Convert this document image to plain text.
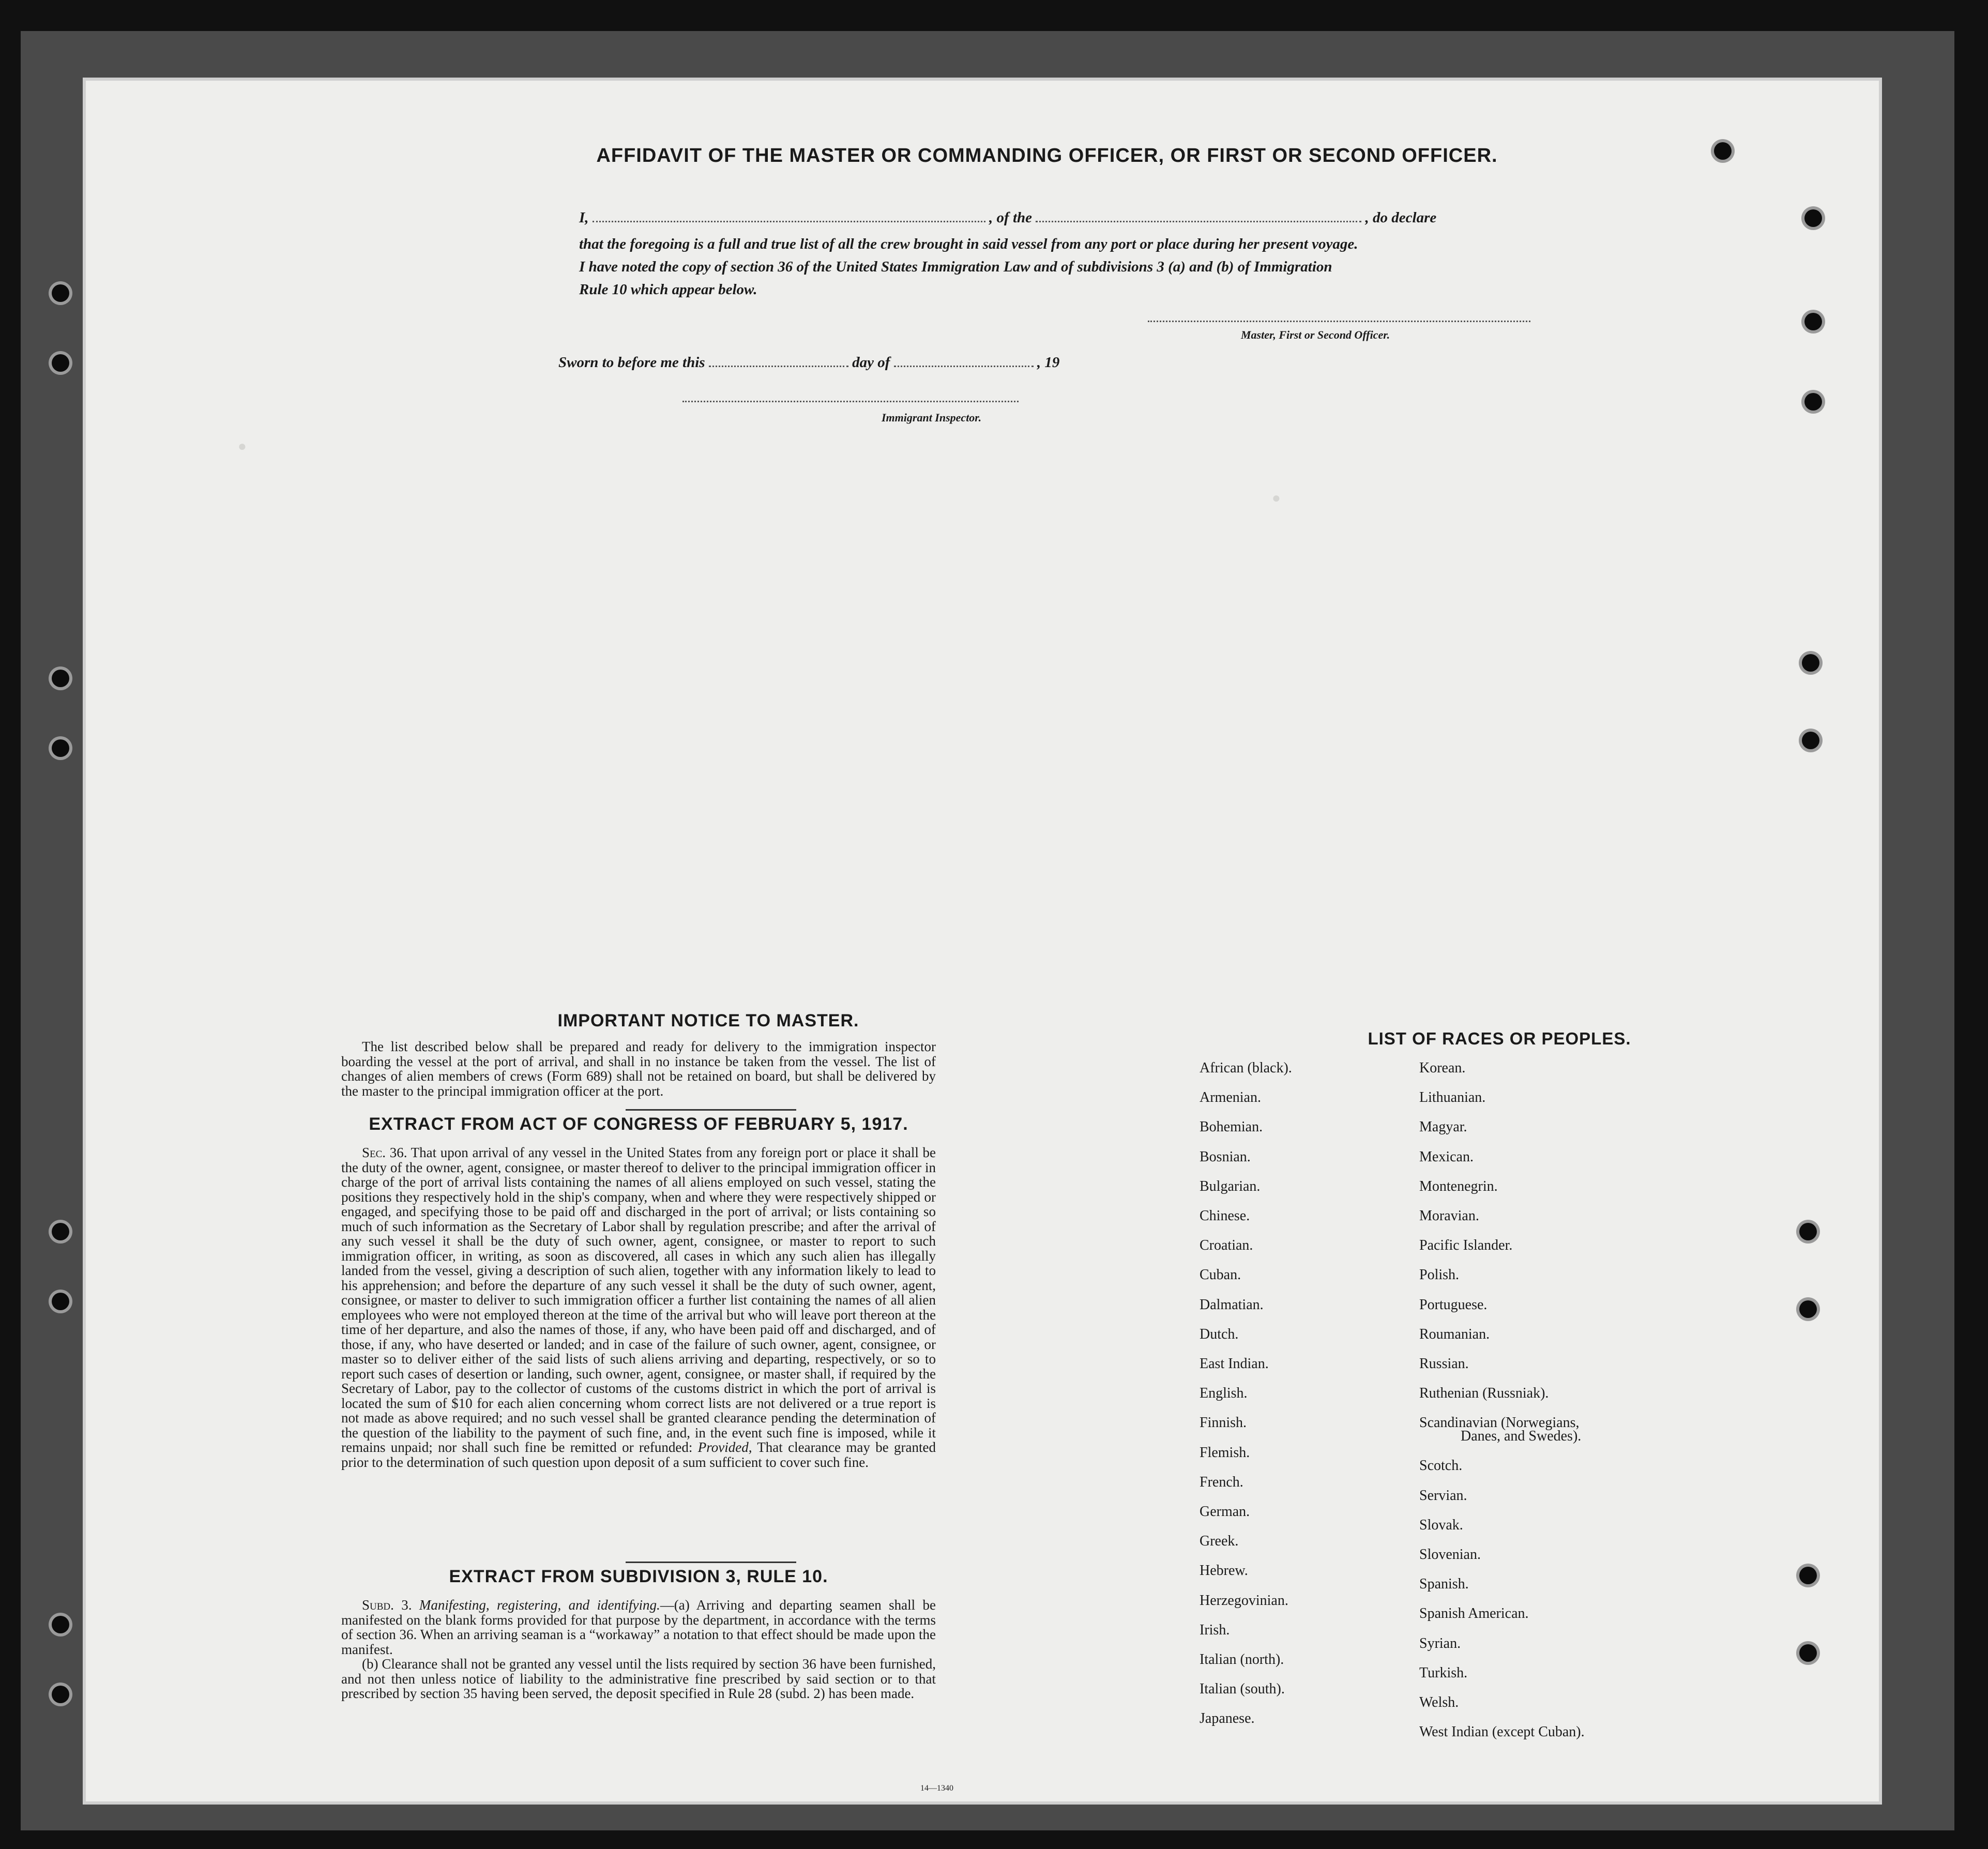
AFFIDAVIT OF THE MASTER OR COMMANDING OFFICER, OR FIRST OR SECOND OFFICER.
I,	, of the	, do declare
that the foregoing is a full and true list of all the crew brought in said vessel from any port or place during her present voyage.
I have noted the copy of section 36 of the United States Immigration Law and of subdivisions 3 (a) and (b) of Immigration
Rule 10 which appear below.
Master, First or Second Officer.
Sworn to before me this	day of	, 19
Immigrant Inspector.
●
●
IMPORTANT NOTICE TO MASTER.
The list described below shall be prepared and ready for delivery to the immigration inspector boarding the vessel at the port of arrival, and shall in no instance be taken from the vessel. The list of changes of alien members of crews (Form 689) shall not be retained on board, but shall be delivered by the master to the principal immigration officer at the port.
EXTRACT FROM ACT OF CONGRESS OF FEBRUARY 5, 1917.
Sec. 36. That upon arrival of any vessel in the United States from any foreign port or place it shall be the duty of the owner, agent, consignee, or master thereof to deliver to the principal immigration officer in charge of the port of arrival lists containing the names of all aliens employed on such vessel, stating the positions they respectively hold in the ship's company, when and where they were respectively shipped or engaged, and specifying those to be paid off and discharged in the port of arrival; or lists containing so much of such information as the Secretary of Labor shall by regulation prescribe; and after the arrival of any such vessel it shall be the duty of such owner, agent, consignee, or master to report to such immigration officer, in writing, as soon as discovered, all cases in which any such alien has illegally landed from the vessel, giving a description of such alien, together with any information likely to lead to his apprehension; and before the departure of any such vessel it shall be the duty of such owner, agent, consignee, or master to deliver to such immigration officer a further list containing the names of all alien employees who were not employed thereon at the time of the arrival but who will leave port thereon at the time of her departure, and also the names of those, if any, who have been paid off and discharged, and of those, if any, who have deserted or landed; and in case of the failure of such owner, agent, consignee, or master so to deliver either of the said lists of such aliens arriving and departing, respectively, or so to report such cases of desertion or landing, such owner, agent, consignee, or master shall, if required by the Secretary of Labor, pay to the collector of customs of the customs district in which the port of arrival is located the sum of $10 for each alien concerning whom correct lists are not delivered or a true report is not made as above required; and no such vessel shall be granted clearance pending the determination of the question of the liability to the payment of such fine, and, in the event such fine is imposed, while it remains unpaid; nor shall such fine be remitted or refunded: Provided, That clearance may be granted prior to the determination of such question upon deposit of a sum sufficient to cover such fine.
EXTRACT FROM SUBDIVISION 3, RULE 10.
Subd. 3. Manifesting, registering, and identifying.—(a) Arriving and departing seamen shall be manifested on the blank forms provided for that purpose by the department, in accordance with the terms of section 36. When an arriving seaman is a “workaway” a notation to that effect should be made upon the manifest.
(b) Clearance shall not be granted any vessel until the lists required by section 36 have been furnished, and not then unless notice of liability to the administrative fine prescribed by said section or to that prescribed by section 35 having been served, the deposit specified in Rule 28 (subd. 2) has been made.
LIST OF RACES OR PEOPLES.
14—1340
African (black).
Armenian.
Bohemian.
Bosnian.
Bulgarian.
Chinese.
Croatian.
Cuban.
Dalmatian.
Dutch.
East Indian.
English.
Finnish.
Flemish.
French.
German.
Greek.
Hebrew.
Herzegovinian.
Irish.
Italian (north).
Italian (south).
Japanese.
Korean.
Lithuanian.
Magyar.
Mexican.
Montenegrin.
Moravian.
Pacific Islander.
Polish.
Portuguese.
Roumanian.
Russian.
Ruthenian (Russniak).
Scandinavian (Norwegians,
Danes, and Swedes).
Scotch.
Servian.
Slovak.
Slovenian.
Spanish.
Spanish American.
Syrian.
Turkish.
Welsh.
West Indian (except Cuban).
